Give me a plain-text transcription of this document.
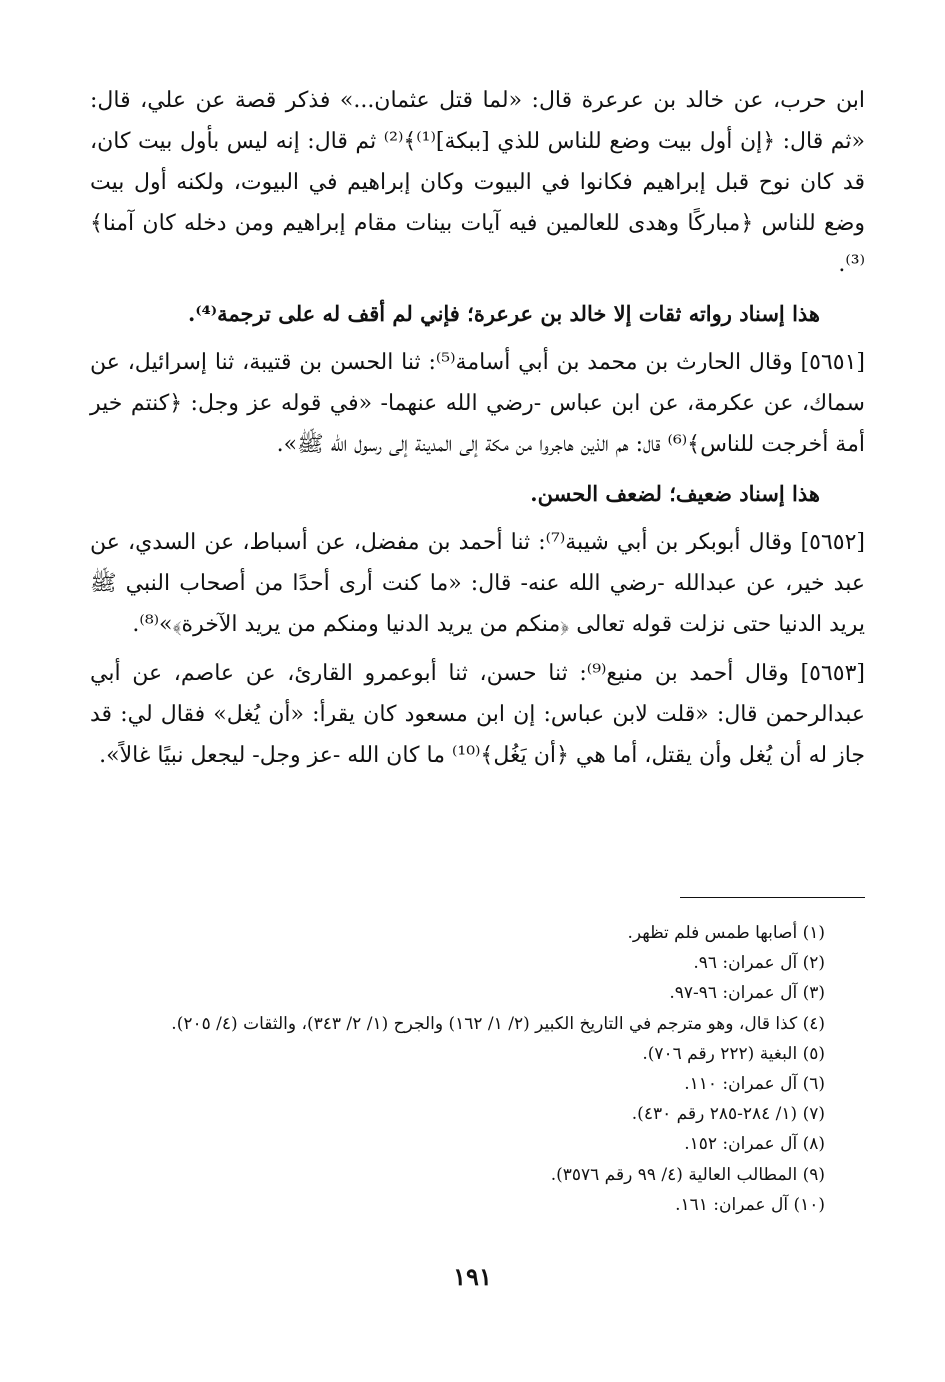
ابن حرب، عن خالد بن عرعرة قال: «لما قتل عثمان...» فذكر قصة عن علي، قال: «ثم قال: ﴿إن أول بيت وضع للناس للذي [ببكة]⁽¹⁾﴾⁽²⁾ ثم قال: إنه ليس بأول بيت كان، قد كان نوح قبل إبراهيم فكانوا في البيوت وكان إبراهيم في البيوت، ولكنه أول بيت وضع للناس ﴿مباركًا وهدى للعالمين فيه آيات بينات مقام إبراهيم ومن دخله كان آمنا﴾⁽³⁾.

هذا إسناد رواته ثقات إلا خالد بن عرعرة؛ فإني لم أقف له على ترجمة⁽⁴⁾.

[٥٦٥١] وقال الحارث بن محمد بن أبي أسامة⁽⁵⁾: ثنا الحسن بن قتيبة، ثنا إسرائيل، عن سماك، عن عكرمة، عن ابن عباس -رضي الله عنهما- «في قوله عز وجل: ﴿كنتم خير أمة أخرجت للناس﴾⁽⁶⁾ قال: هم الذين هاجروا من مكة إلى المدينة إلى رسول الله ﷺ».

هذا إسناد ضعيف؛ لضعف الحسن.

[٥٦٥٢] وقال أبوبكر بن أبي شيبة⁽⁷⁾: ثنا أحمد بن مفضل، عن أسباط، عن السدي، عن عبد خير، عن عبدالله -رضي الله عنه- قال: «ما كنت أرى أحدًا من أصحاب النبي ﷺ يريد الدنيا حتى نزلت قوله تعالى ﴿منكم من يريد الدنيا ومنكم من يريد الآخرة﴾»⁽⁸⁾.

[٥٦٥٣] وقال أحمد بن منيع⁽⁹⁾: ثنا حسن، ثنا أبوعمرو القارئ، عن عاصم، عن أبي عبدالرحمن قال: «قلت لابن عباس: إن ابن مسعود كان يقرأ: «أن يُغل» فقال لي: قد جاز له أن يُغل وأن يقتل، أما هي ﴿أن يَغُل﴾⁽¹⁰⁾ ما كان الله -عز وجل- ليجعل نبيًا غالاً».

(١) أصابها طمس فلم تظهر.
(٢) آل عمران: ٩٦.
(٣) آل عمران: ٩٦-٩٧.
(٤) كذا قال، وهو مترجم في التاريخ الكبير (٢/ ١/ ١٦٢) والجرح (١/ ٢/ ٣٤٣)، والثقات (٤/ ٢٠٥).
(٥) البغية (٢٢٢ رقم ٧٠٦).
(٦) آل عمران: ١١٠.
(٧) (١/ ٢٨٤-٢٨٥ رقم ٤٣٠).
(٨) آل عمران: ١٥٢.
(٩) المطالب العالية (٤/ ٩٩ رقم ٣٥٧٦).
(١٠) آل عمران: ١٦١.
١٩١
